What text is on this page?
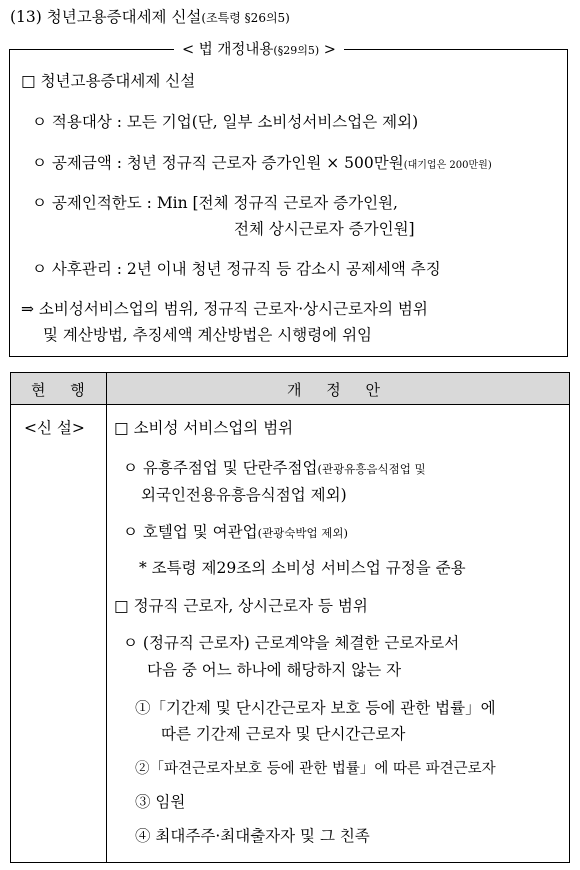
(13) 청년고용증대세제 신설(조특령 §26의5)
< 법 개정내용(§29의5) >
□ 청년고용증대세제 신설
ㅇ 적용대상 : 모든 기업(단, 일부 소비성서비스업은 제외)
ㅇ 공제금액 : 청년 정규직 근로자 증가인원 × 500만원(대기업은 200만원)
ㅇ 공제인적한도 : Min [전체 정규직 근로자 증가인원,
전체 상시근로자 증가인원]
ㅇ 사후관리 : 2년 이내 청년 정규직 등 감소시 공제세액 추징
⇒ 소비성서비스업의 범위, 정규직 근로자·상시근로자의 범위
및 계산방법, 추징세액 계산방법은 시행령에 위임
현 행	개 정 안
<신 설> □ 소비성 서비스업의 범위
ㅇ 유흥주점업 및 단란주점업(관광유흥음식점업 및
외국인전용유흥음식점업 제외)
ㅇ 호텔업 및 여관업(관광숙박업 제외)
* 조특령 제29조의 소비성 서비스업 규정을 준용
□ 정규직 근로자, 상시근로자 등 범위
ㅇ (정규직 근로자) 근로계약을 체결한 근로자로서
다음 중 어느 하나에 해당하지 않는 자
①「기간제 및 단시간근로자 보호 등에 관한 법률」에
따른 기간제 근로자 및 단시간근로자
②「파견근로자보호 등에 관한 법률」에 따른 파견근로자
③ 임원
④ 최대주주·최대출자자 및 그 친족
